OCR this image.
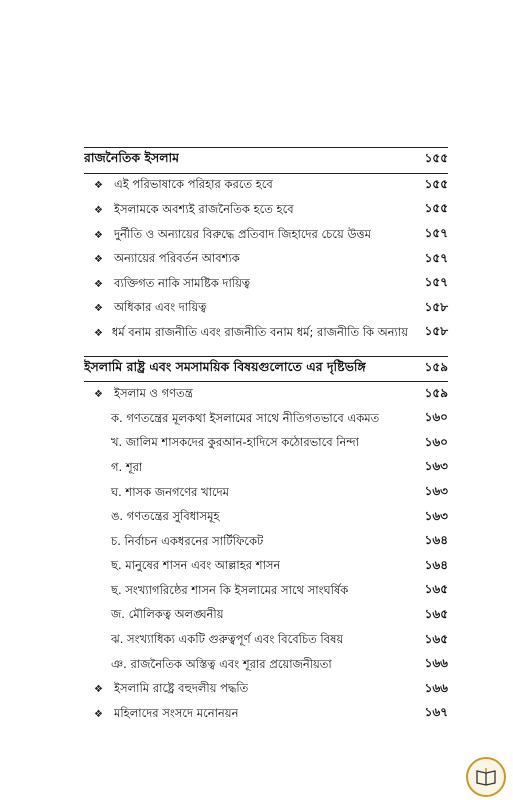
রাজনৈতিক ইসলাম	১৫৫
❖ এই পরিভাষাকে পরিহার করতে হবে	১৫৫
❖ ইসলামকে অবশ্যই রাজনৈতিক হতে হবে	১৫৫
❖ দুর্নীতি ও অন্যায়ের বিরুদ্ধে প্রতিবাদ জিহাদের চেয়ে উত্তম	১৫৭
❖ অন্যায়ের পরিবর্তন আবশ্যক	১৫৭
❖ ব্যক্তিগত নাকি সামষ্টিক দায়িত্ব	১৫৭
❖ অধিকার এবং দায়িত্ব	১৫৮
❖ ধর্ম বনাম রাজনীতি এবং রাজনীতি বনাম ধর্ম; রাজনীতি কি অন্যায়	১৫৮
ইসলামি রাষ্ট্র এবং সমসাময়িক বিষয়গুলোতে এর দৃষ্টিভঙ্গি	১৫৯
❖ ইসলাম ও গণতন্ত্র	১৫৯
ক. গণতন্ত্রের মূলকথা ইসলামের সাথে নীতিগতভাবে একমত	১৬০
খ. জালিম শাসকদের কুরআন-হাদিসে কঠোরভাবে নিন্দা	১৬০
গ. শূরা	১৬৩
ঘ. শাসক জনগণের খাদেম	১৬৩
ঙ. গণতন্ত্রের সুবিধাসমূহ	১৬৩
চ. নির্বাচন একধরনের সার্টিফিকেট	১৬৪
ছ. মানুষের শাসন এবং আল্লাহর শাসন	১৬৪
ছ. সংখ্যাগরিষ্ঠের শাসন কি ইসলামের সাথে সাংঘর্ষিক	১৬৫
জ. মৌলিকত্ব অলঙ্ঘনীয়	১৬৫
ঝ. সংখ্যাধিক্য একটি গুরুত্বপূর্ণ এবং বিবেচিত বিষয়	১৬৫
ঞ. রাজনৈতিক অস্তিত্ব এবং শূরার প্রয়োজনীয়তা	১৬৬
❖ ইসলামি রাষ্ট্রে বহুদলীয় পদ্ধতি	১৬৬
❖ মহিলাদের সংসদে মনোনয়ন	১৬৭
